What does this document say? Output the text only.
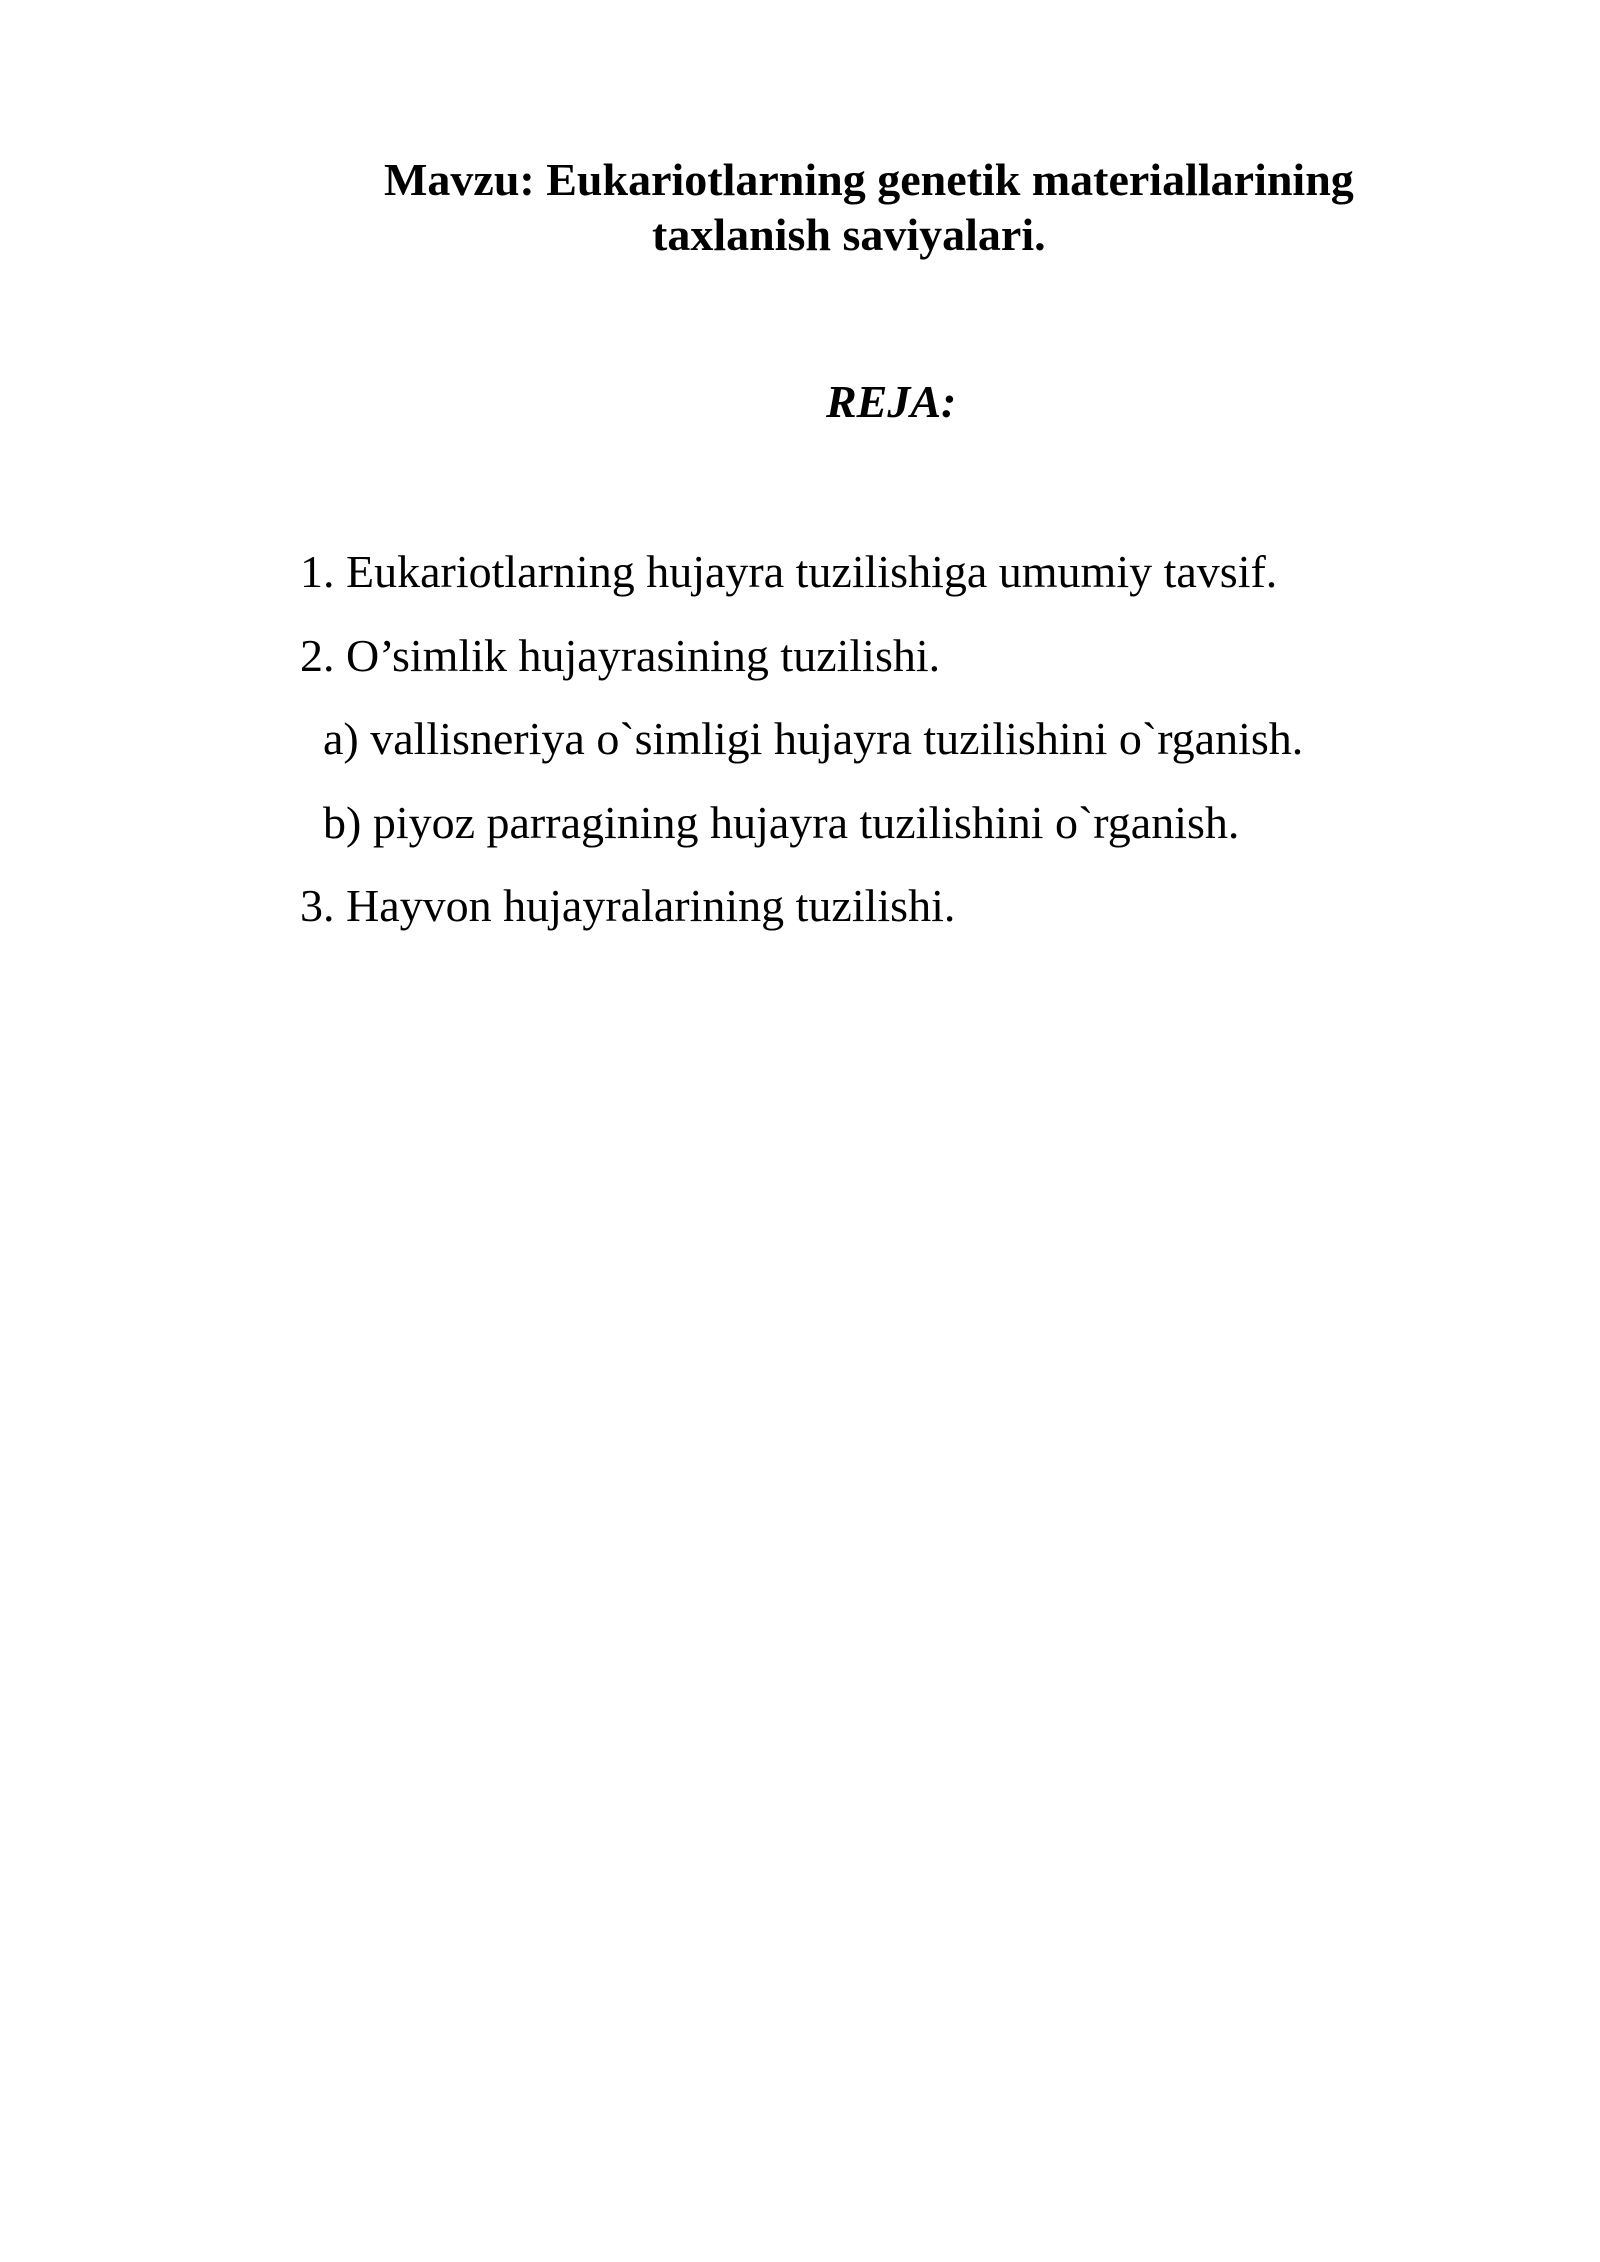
Mavzu: Eukariotlarning genetik materiallarining
taxlanish saviyalari.
REJA:
1. Eukariotlarning hujayra tuzilishiga umumiy tavsif.
2. O’simlik hujayrasining tuzilishi.
a) vallisneriya o`simligi hujayra tuzilishini o`rganish.
b) piyoz parragining hujayra tuzilishini o`rganish.
3. Hayvon hujayralarining tuzilishi.
